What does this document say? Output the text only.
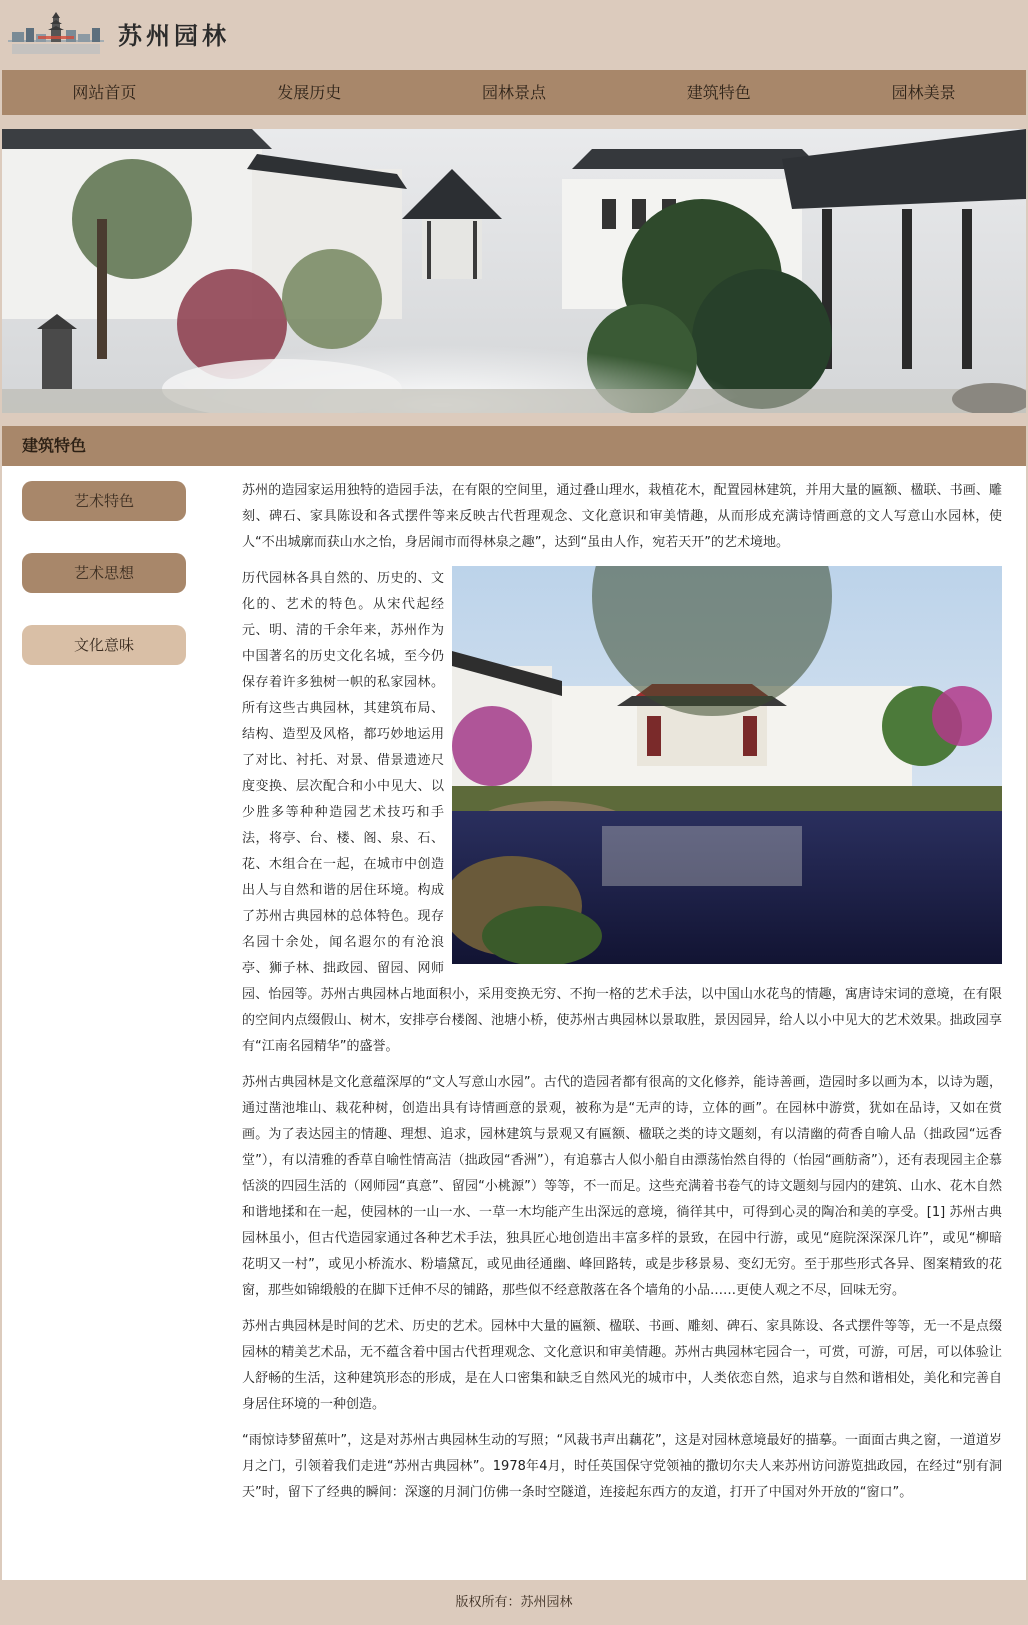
苏州园林
网站首页	发展历史	园林景点	建筑特色	园林美景
建筑特色
艺术特色
艺术思想
文化意味

苏州的造园家运用独特的造园手法，在有限的空间里，通过叠山理水，栽植花木，配置园林建筑，并用大量的匾额、楹联、书画、雕刻、碑石、家具陈设和各式摆件等来反映古代哲理观念、文化意识和审美情趣，从而形成充满诗情画意的文人写意山水园林，使人“不出城廓而获山水之怡，身居闹市而得林泉之趣”，达到“虽由人作，宛若天开”的艺术境地。

历代园林各具自然的、历史的、文化的、艺术的特色。从宋代起经元、明、清的千余年来，苏州作为中国著名的历史文化名城，至今仍保存着许多独树一帜的私家园林。所有这些古典园林，其建筑布局、结构、造型及风格，都巧妙地运用了对比、衬托、对景、借景遗迹尺度变换、层次配合和小中见大、以少胜多等种种造园艺术技巧和手法，将亭、台、楼、阁、泉、石、花、木组合在一起，在城市中创造出人与自然和谐的居住环境。构成了苏州古典园林的总体特色。现存名园十余处，闻名遐尔的有沧浪亭、狮子林、拙政园、留园、网师园、怡园等。苏州古典园林占地面积小，采用变换无穷、不拘一格的艺术手法，以中国山水花鸟的情趣，寓唐诗宋词的意境，在有限的空间内点缀假山、树木，安排亭台楼阁、池塘小桥，使苏州古典园林以景取胜，景因园异，给人以小中见大的艺术效果。拙政园享有“江南名园精华”的盛誉。

苏州古典园林是文化意蕴深厚的“文人写意山水园”。古代的造园者都有很高的文化修养，能诗善画，造园时多以画为本，以诗为题，通过凿池堆山、栽花种树，创造出具有诗情画意的景观，被称为是“无声的诗，立体的画”。在园林中游赏，犹如在品诗，又如在赏画。为了表达园主的情趣、理想、追求，园林建筑与景观又有匾额、楹联之类的诗文题刻，有以清幽的荷香自喻人品（拙政园“远香堂”），有以清雅的香草自喻性情高洁（拙政园“香洲”），有追慕古人似小船自由漂荡怡然自得的（怡园“画舫斋”），还有表现园主企慕恬淡的四园生活的（网师园“真意”、留园“小桃源”）等等，不一而足。这些充满着书卷气的诗文题刻与园内的建筑、山水、花木自然和谐地揉和在一起，使园林的一山一水、一草一木均能产生出深远的意境，徜徉其中，可得到心灵的陶冶和美的享受。[1] 苏州古典园林虽小，但古代造园家通过各种艺术手法，独具匠心地创造出丰富多样的景致，在园中行游，或见“庭院深深深几许”，或见“柳暗花明又一村”，或见小桥流水、粉墙黛瓦，或见曲径通幽、峰回路转，或是步移景易、变幻无穷。至于那些形式各异、图案精致的花窗，那些如锦缎般的在脚下迁伸不尽的铺路，那些似不经意散落在各个墙角的小品……更使人观之不尽，回味无穷。

苏州古典园林是时间的艺术、历史的艺术。园林中大量的匾额、楹联、书画、雕刻、碑石、家具陈设、各式摆件等等，无一不是点缀园林的精美艺术品，无不蕴含着中国古代哲理观念、文化意识和审美情趣。苏州古典园林宅园合一，可赏，可游，可居，可以体验让人舒畅的生活，这种建筑形态的形成，是在人口密集和缺乏自然风光的城市中，人类依恋自然，追求与自然和谐相处，美化和完善自身居住环境的一种创造。

“雨惊诗梦留蕉叶”，这是对苏州古典园林生动的写照；“风裁书声出藕花”，这是对园林意境最好的描摹。一面面古典之窗，一道道岁月之门，引领着我们走进“苏州古典园林”。1978年4月，时任英国保守党领袖的撒切尔夫人来苏州访问游览拙政园，在经过“别有洞天”时，留下了经典的瞬间：深邃的月洞门仿佛一条时空隧道，连接起东西方的友道，打开了中国对外开放的“窗口”。

版权所有：苏州园林
